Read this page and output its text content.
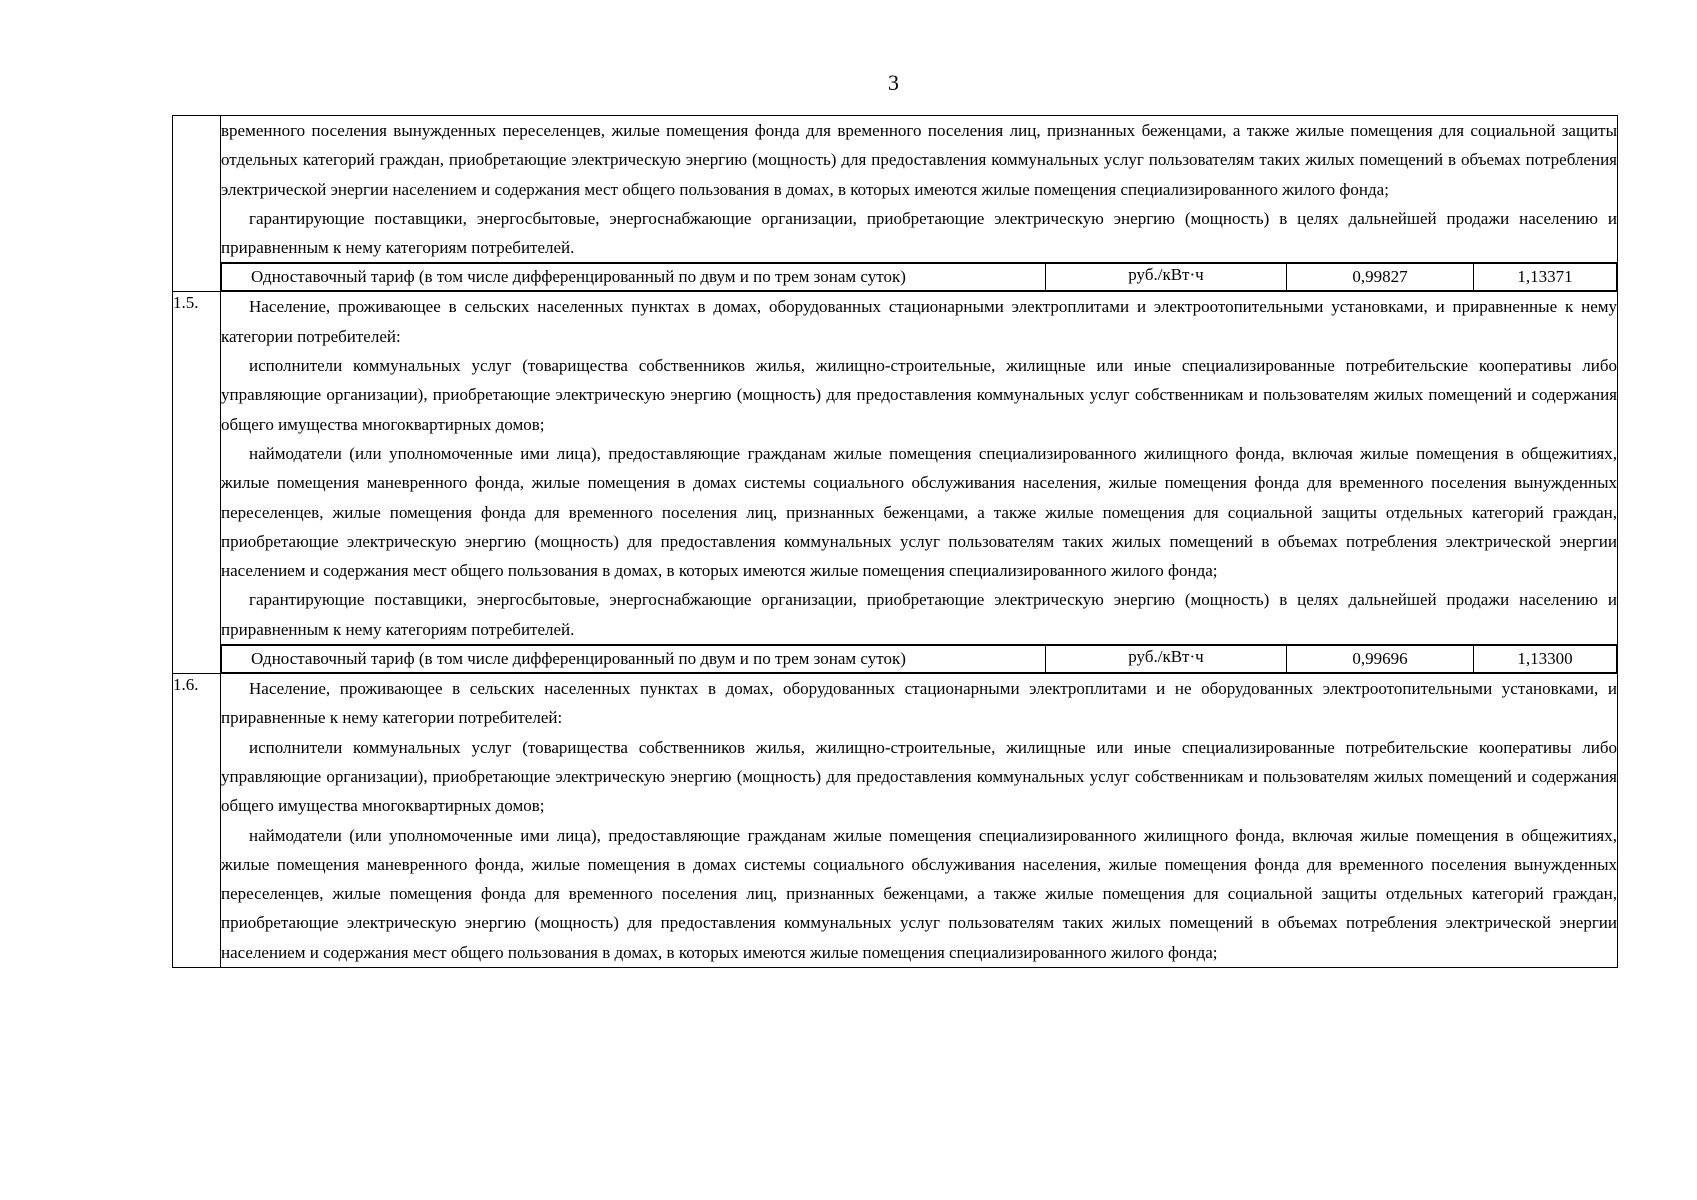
3

временного поселения вынужденных переселенцев, жилые помещения фонда для временного поселения лиц, признанных беженцами, а также жилые помещения для социальной защиты отдельных категорий граждан, приобретающие электрическую энергию (мощность) для предоставления коммунальных услуг пользователям таких жилых помещений в объемах потребления электрической энергии населением и содержания мест общего пользования в домах, в которых имеются жилые помещения специализированного жилого фонда;

гарантирующие поставщики, энергосбытовые, энергоснабжающие организации, приобретающие электрическую энергию (мощность) в целях дальнейшей продажи населению и приравненным к нему категориям потребителей.

Одноставочный тариф (в том числе дифференцированный по двум и по трем зонам суток)	руб./кВт·ч	0,99827	1,13371

1.5.	Население, проживающее в сельских населенных пунктах в домах, оборудованных стационарными электроплитами и электроотопительными установками, и приравненные к нему категории потребителей:

исполнители коммунальных услуг (товарищества собственников жилья, жилищно-строительные, жилищные или иные специализированные потребительские кооперативы либо управляющие организации), приобретающие электрическую энергию (мощность) для предоставления коммунальных услуг собственникам и пользователям жилых помещений и содержания общего имущества многоквартирных домов;

наймодатели (или уполномоченные ими лица), предоставляющие гражданам жилые помещения специализированного жилищного фонда, включая жилые помещения в общежитиях, жилые помещения маневренного фонда, жилые помещения в домах системы социального обслуживания населения, жилые помещения фонда для временного поселения вынужденных переселенцев, жилые помещения фонда для временного поселения лиц, признанных беженцами, а также жилые помещения для социальной защиты отдельных категорий граждан, приобретающие электрическую энергию (мощность) для предоставления коммунальных услуг пользователям таких жилых помещений в объемах потребления электрической энергии населением и содержания мест общего пользования в домах, в которых имеются жилые помещения специализированного жилого фонда;

гарантирующие поставщики, энергосбытовые, энергоснабжающие организации, приобретающие электрическую энергию (мощность) в целях дальнейшей продажи населению и приравненным к нему категориям потребителей.

Одноставочный тариф (в том числе дифференцированный по двум и по трем зонам суток)	руб./кВт·ч	0,99696	1,13300

1.6.	Население, проживающее в сельских населенных пунктах в домах, оборудованных стационарными электроплитами и не оборудованных электроотопительными установками, и приравненные к нему категории потребителей:

исполнители коммунальных услуг (товарищества собственников жилья, жилищно-строительные, жилищные или иные специализированные потребительские кооперативы либо управляющие организации), приобретающие электрическую энергию (мощность) для предоставления коммунальных услуг собственникам и пользователям жилых помещений и содержания общего имущества многоквартирных домов;

наймодатели (или уполномоченные ими лица), предоставляющие гражданам жилые помещения специализированного жилищного фонда, включая жилые помещения в общежитиях, жилые помещения маневренного фонда, жилые помещения в домах системы социального обслуживания населения, жилые помещения фонда для временного поселения вынужденных переселенцев, жилые помещения фонда для временного поселения лиц, признанных беженцами, а также жилые помещения для социальной защиты отдельных категорий граждан, приобретающие электрическую энергию (мощность) для предоставления коммунальных услуг пользователям таких жилых помещений в объемах потребления электрической энергии населением и содержания мест общего пользования в домах, в которых имеются жилые помещения специализированного жилого фонда;
